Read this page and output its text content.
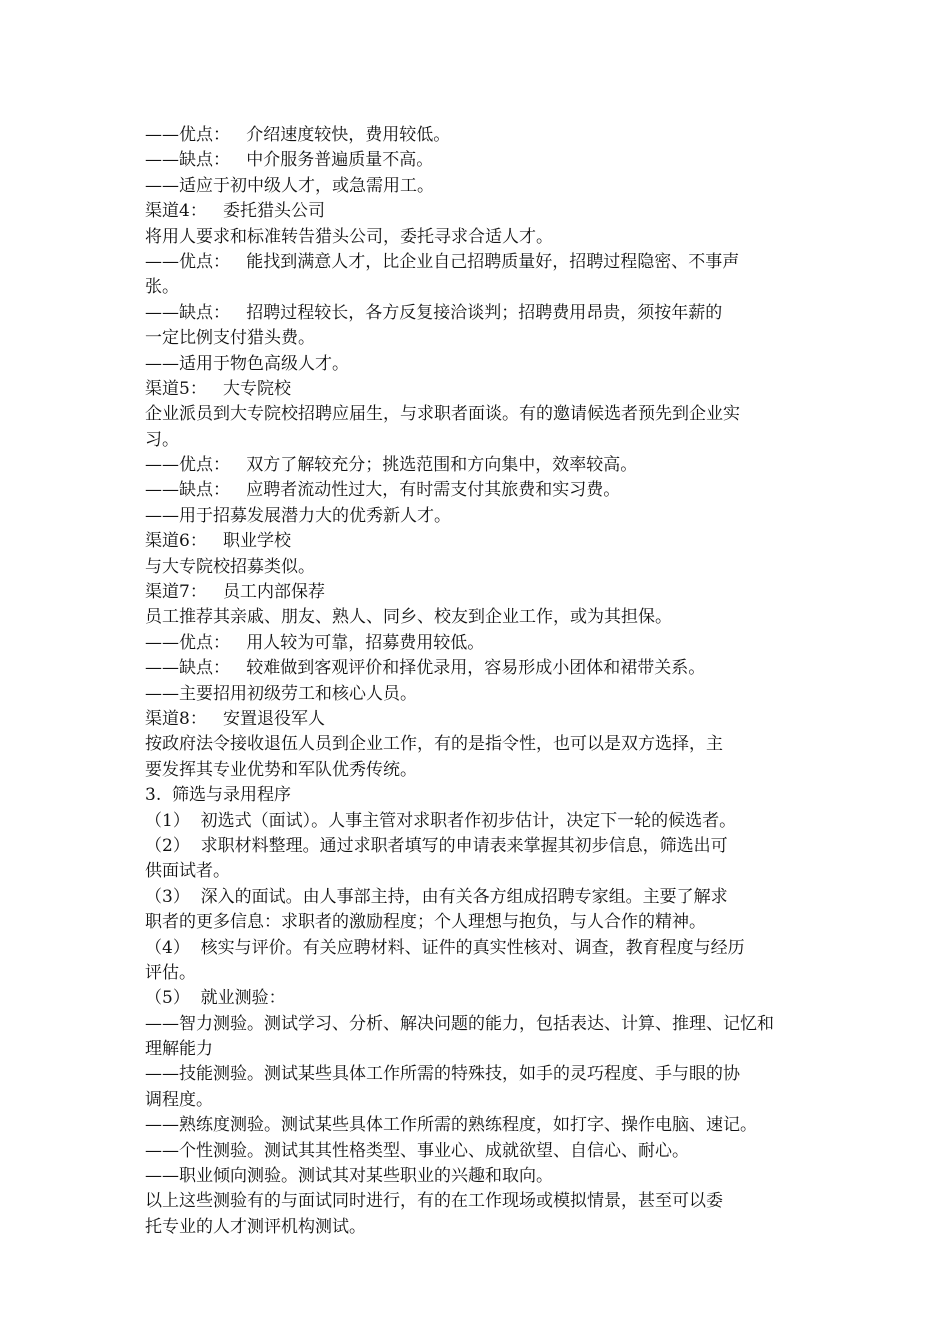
——优点：   介绍速度较快，费用较低。
——缺点：   中介服务普遍质量不高。
——适应于初中级人才，或急需用工。
渠道4：   委托猎头公司
将用人要求和标准转告猎头公司，委托寻求合适人才。
——优点：   能找到满意人才，比企业自己招聘质量好，招聘过程隐密、不事声
张。
——缺点：   招聘过程较长，各方反复接洽谈判；招聘费用昂贵，须按年薪的
一定比例支付猎头费。
——适用于物色高级人才。
渠道5：   大专院校
企业派员到大专院校招聘应届生，与求职者面谈。有的邀请候选者预先到企业实
习。
——优点：   双方了解较充分；挑选范围和方向集中，效率较高。
——缺点：   应聘者流动性过大，有时需支付其旅费和实习费。
——用于招募发展潜力大的优秀新人才。
渠道6：   职业学校
与大专院校招募类似。
渠道7：   员工内部保荐
员工推荐其亲戚、朋友、熟人、同乡、校友到企业工作，或为其担保。
——优点：   用人较为可靠，招募费用较低。
——缺点：   较难做到客观评价和择优录用，容易形成小团体和裙带关系。
——主要招用初级劳工和核心人员。
渠道8：   安置退役军人
按政府法令接收退伍人员到企业工作，有的是指令性，也可以是双方选择，主
要发挥其专业优势和军队优秀传统。
3.  筛选与录用程序
（1）  初选式（面试）。人事主管对求职者作初步估计，决定下一轮的候选者。
（2）  求职材料整理。通过求职者填写的申请表来掌握其初步信息，筛选出可
供面试者。
（3）  深入的面试。由人事部主持，由有关各方组成招聘专家组。主要了解求
职者的更多信息：求职者的激励程度；个人理想与抱负，与人合作的精神。
（4）  核实与评价。有关应聘材料、证件的真实性核对、调查，教育程度与经历
评估。
（5）  就业测验：
——智力测验。测试学习、分析、解决问题的能力，包括表达、计算、推理、记忆和
理解能力
——技能测验。测试某些具体工作所需的特殊技，如手的灵巧程度、手与眼的协
调程度。
——熟练度测验。测试某些具体工作所需的熟练程度，如打字、操作电脑、速记。
——个性测验。测试其其性格类型、事业心、成就欲望、自信心、耐心。
——职业倾向测验。测试其对某些职业的兴趣和取向。
以上这些测验有的与面试同时进行，有的在工作现场或模拟情景，甚至可以委
托专业的人才测评机构测试。
